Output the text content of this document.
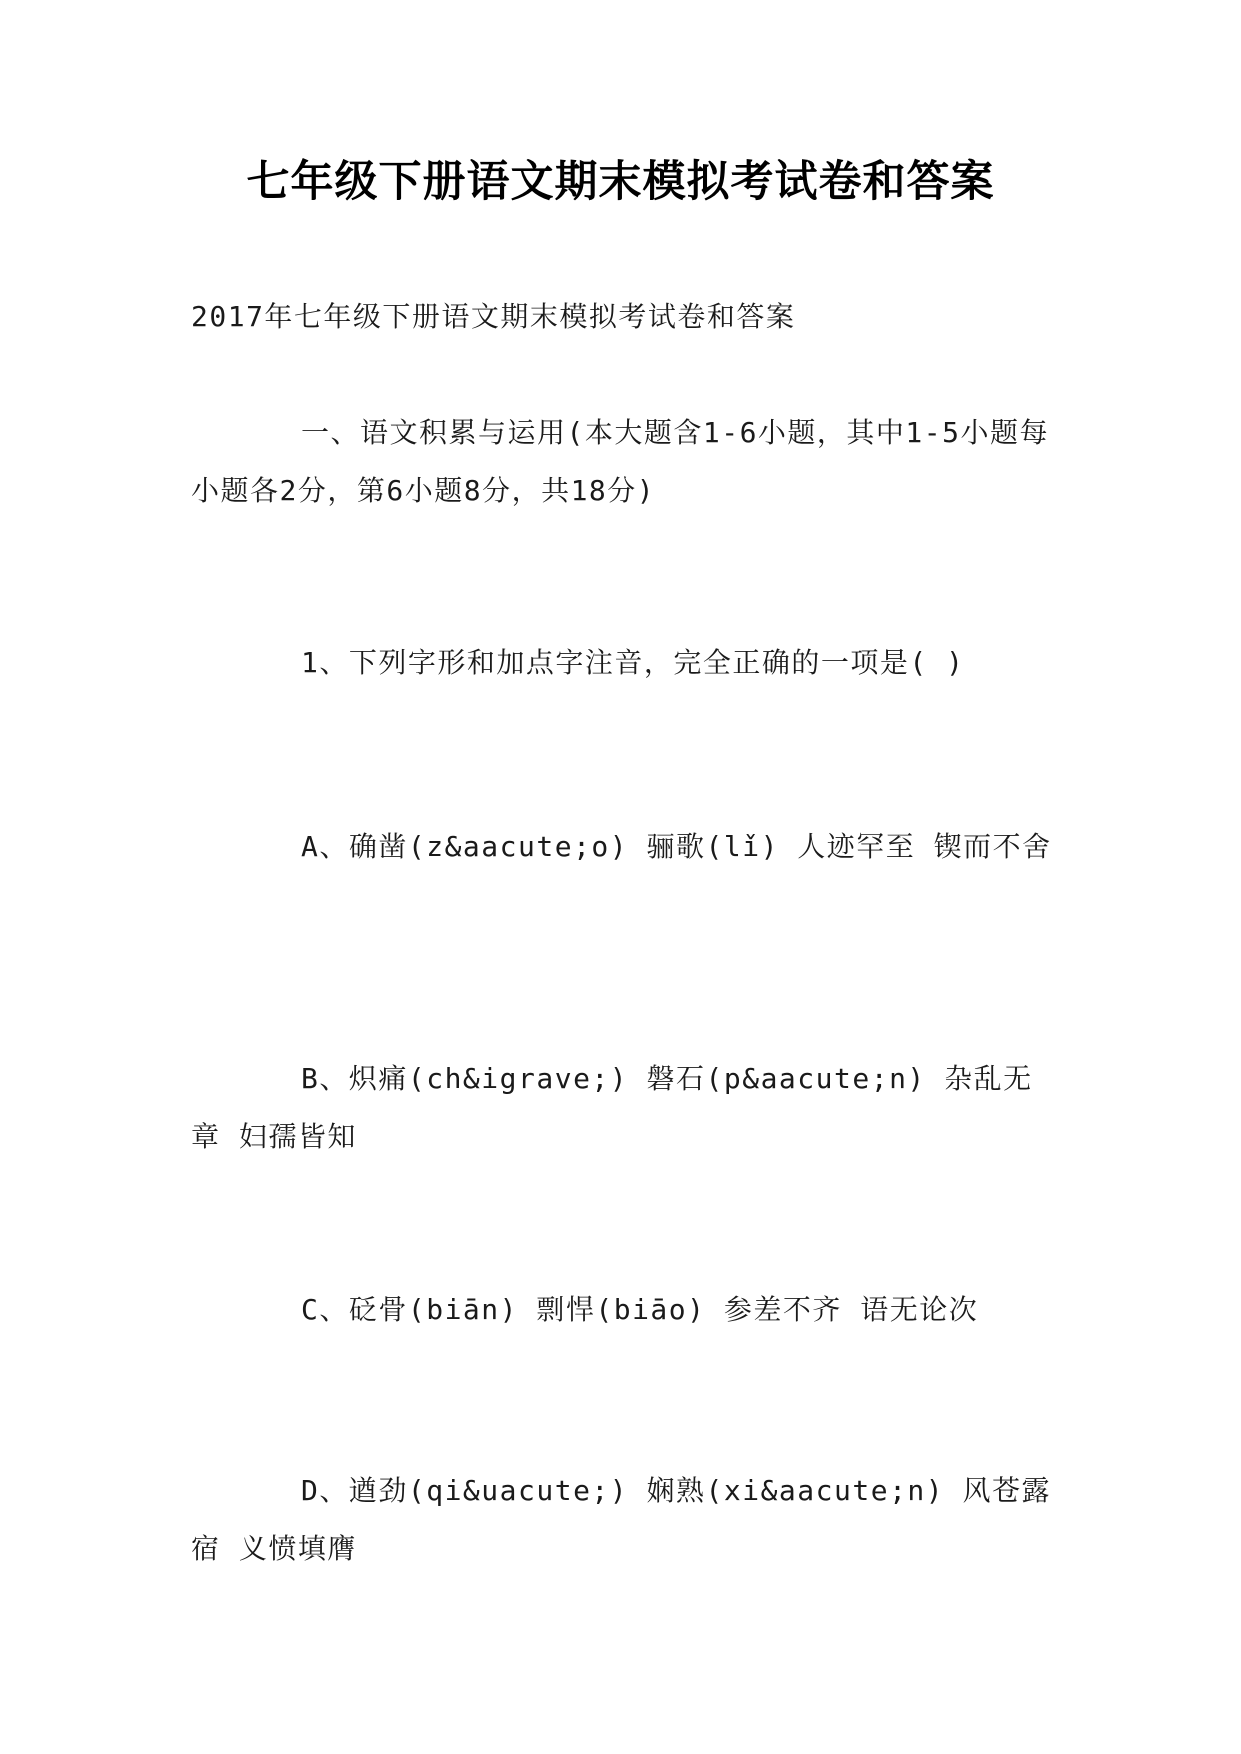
七年级下册语文期末模拟考试卷和答案

2017年七年级下册语文期末模拟考试卷和答案

一、语文积累与运用(本大题含1-6小题，其中1-5小题每小题各2分，第6小题8分，共18分)

1、下列字形和加点字注音，完全正确的一项是( )

A、确凿(z&aacute;o) 骊歌(lǐ) 人迹罕至 锲而不舍

B、炽痛(ch&igrave;) 磐石(p&aacute;n) 杂乱无章 妇孺皆知

C、砭骨(biān) 剽悍(biāo) 参差不齐 语无论次

D、遒劲(qi&uacute;) 娴熟(xi&aacute;n) 风苍露宿 义愤填膺
